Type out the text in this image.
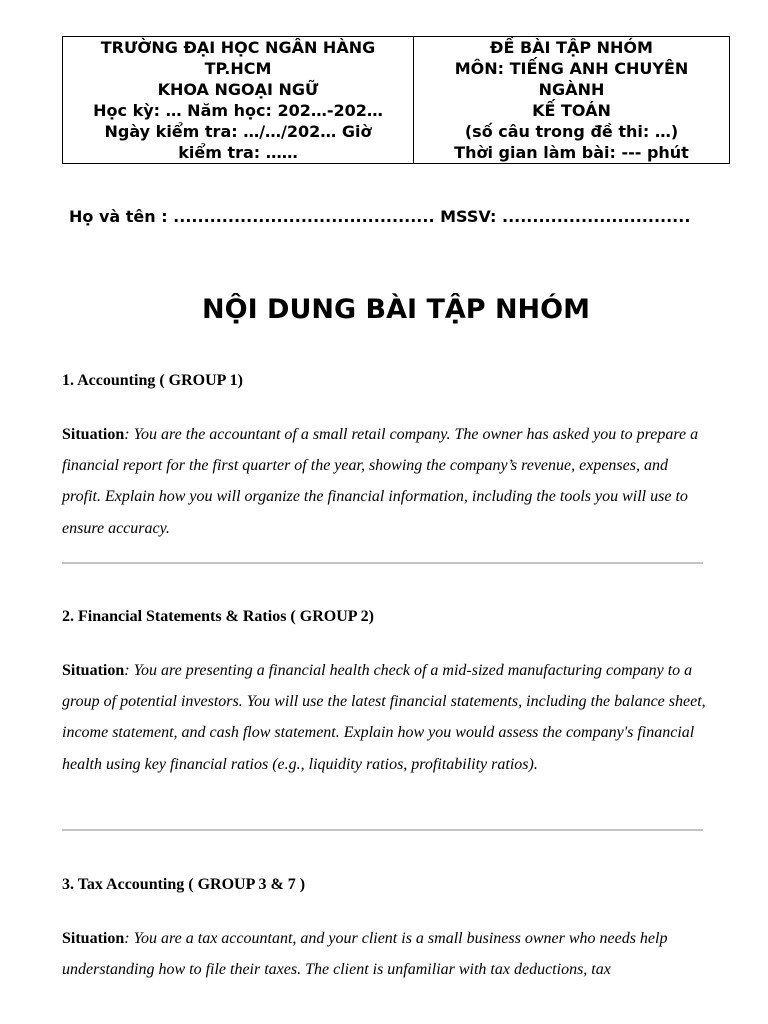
TRƯỜNG ĐẠI HỌC NGÂN HÀNG
TP.HCM
KHOA NGOẠI NGỮ
Học kỳ: … Năm học: 202…-202…
Ngày kiểm tra: …/…/202… Giờ
kiểm tra: ……

ĐỀ BÀI TẬP NHÓM
MÔN: TIẾNG ANH CHUYÊN
NGÀNH
KẾ TOÁN
(số câu trong đề thi: …)
Thời gian làm bài: --- phút
Họ và tên : ........................................... MSSV: ...............................
NỘI DUNG BÀI TẬP NHÓM

1. Accounting ( GROUP 1)

Situation: You are the accountant of a small retail company. The owner has asked you to prepare a financial report for the first quarter of the year, showing the company’s revenue, expenses, and profit. Explain how you will organize the financial information, including the tools you will use to ensure accuracy.

2. Financial Statements & Ratios ( GROUP 2)

Situation: You are presenting a financial health check of a mid-sized manufacturing company to a group of potential investors. You will use the latest financial statements, including the balance sheet, income statement, and cash flow statement. Explain how you would assess the company's financial health using key financial ratios (e.g., liquidity ratios, profitability ratios).

3. Tax Accounting ( GROUP 3 & 7 )

Situation: You are a tax accountant, and your client is a small business owner who needs help understanding how to file their taxes. The client is unfamiliar with tax deductions, tax
